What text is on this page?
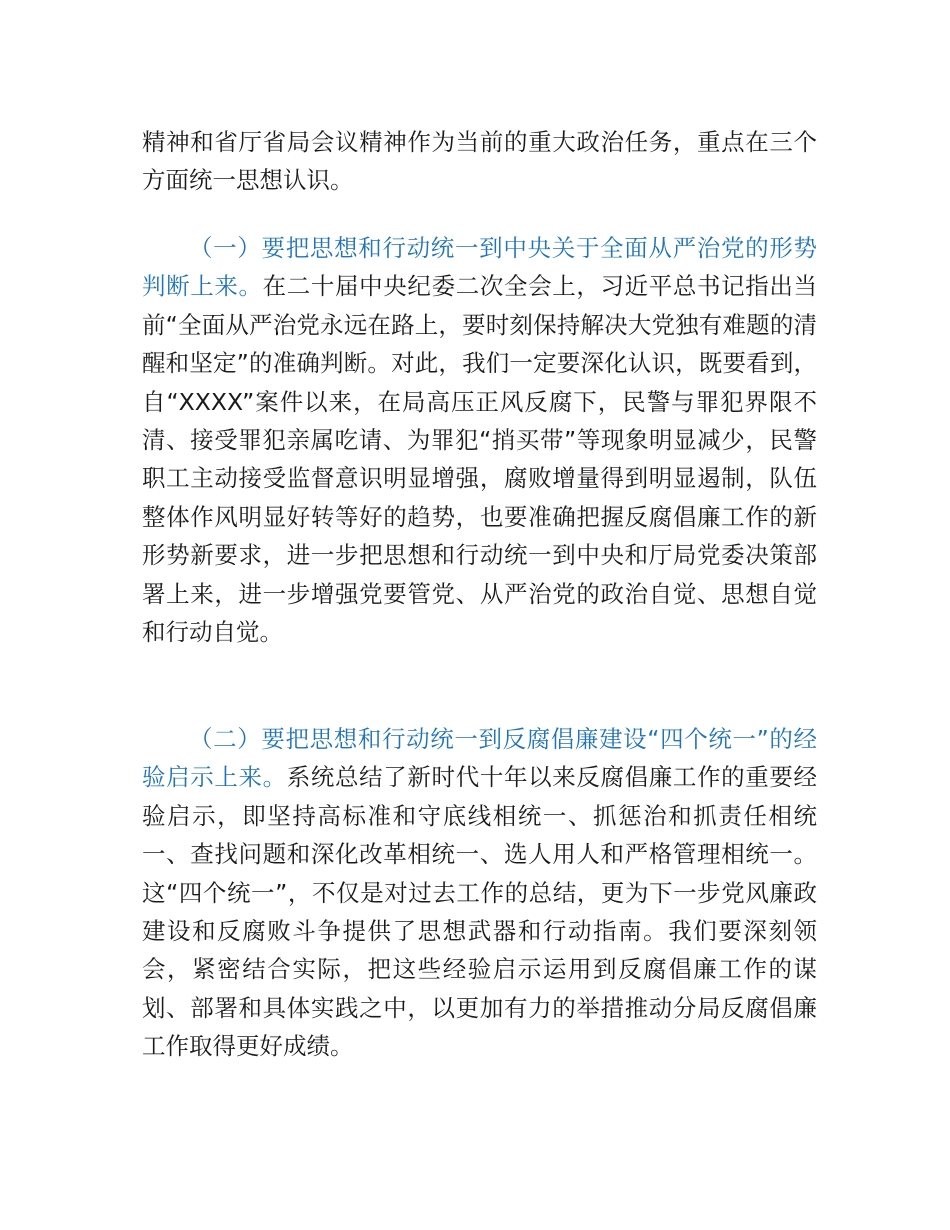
精神和省厅省局会议精神作为当前的重大政治任务，重点在三个方面统一思想认识。

（一）要把思想和行动统一到中央关于全面从严治党的形势判断上来。在二十届中央纪委二次全会上，习近平总书记指出当前“全面从严治党永远在路上，要时刻保持解决大党独有难题的清醒和坚定”的准确判断。对此，我们一定要深化认识，既要看到，自“XXXX”案件以来，在局高压正风反腐下，民警与罪犯界限不清、接受罪犯亲属吃请、为罪犯“捎买带”等现象明显减少，民警职工主动接受监督意识明显增强，腐败增量得到明显遏制，队伍整体作风明显好转等好的趋势，也要准确把握反腐倡廉工作的新形势新要求，进一步把思想和行动统一到中央和厅局党委决策部署上来，进一步增强党要管党、从严治党的政治自觉、思想自觉和行动自觉。

（二）要把思想和行动统一到反腐倡廉建设“四个统一”的经验启示上来。系统总结了新时代十年以来反腐倡廉工作的重要经验启示，即坚持高标准和守底线相统一、抓惩治和抓责任相统一、查找问题和深化改革相统一、选人用人和严格管理相统一。这“四个统一”，不仅是对过去工作的总结，更为下一步党风廉政建设和反腐败斗争提供了思想武器和行动指南。我们要深刻领会，紧密结合实际，把这些经验启示运用到反腐倡廉工作的谋划、部署和具体实践之中，以更加有力的举措推动分局反腐倡廉工作取得更好成绩。
